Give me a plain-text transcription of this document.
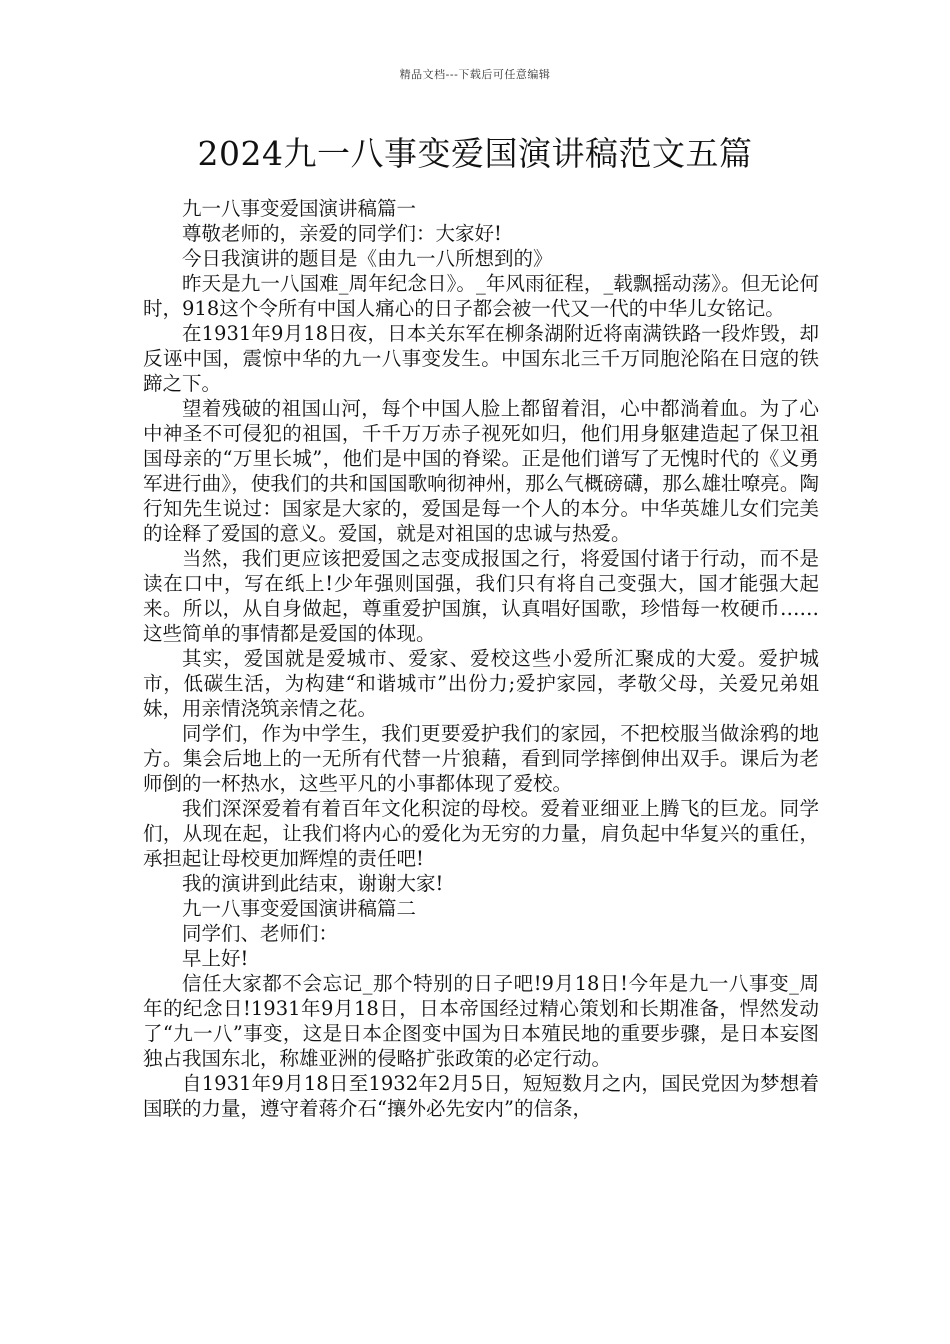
精品文档---下载后可任意编辑
2024九一八事变爱国演讲稿范文五篇

九一八事变爱国演讲稿篇一

尊敬老师的，亲爱的同学们：大家好!

今日我演讲的题目是《由九一八所想到的》

昨天是九一八国难_周年纪念日》。_年风雨征程，_载飘摇动荡》。但无论何时，918这个令所有中国人痛心的日子都会被一代又一代的中华儿女铭记。

在1931年9月18日夜，日本关东军在柳条湖附近将南满铁路一段炸毁，却反诬中国，震惊中华的九一八事变发生。中国东北三千万同胞沦陷在日寇的铁蹄之下。

望着残破的祖国山河，每个中国人脸上都留着泪，心中都淌着血。为了心中神圣不可侵犯的祖国，千千万万赤子视死如归，他们用身躯建造起了保卫祖国母亲的“万里长城”，他们是中国的脊梁。正是他们谱写了无愧时代的《义勇军进行曲》，使我们的共和国国歌响彻神州，那么气概磅礴，那么雄壮嘹亮。陶行知先生说过：国家是大家的，爱国是每一个人的本分。中华英雄儿女们完美的诠释了爱国的意义。爱国，就是对祖国的忠诚与热爱。

当然，我们更应该把爱国之志变成报国之行，将爱国付诸于行动，而不是读在口中，写在纸上!少年强则国强，我们只有将自己变强大，国才能强大起来。所以，从自身做起，尊重爱护国旗，认真唱好国歌，珍惜每一枚硬币……这些简单的事情都是爱国的体现。

其实，爱国就是爱城市、爱家、爱校这些小爱所汇聚成的大爱。爱护城市，低碳生活，为构建“和谐城市”出份力;爱护家园，孝敬父母，关爱兄弟姐妹，用亲情浇筑亲情之花。

同学们，作为中学生，我们更要爱护我们的家园，不把校服当做涂鸦的地方。集会后地上的一无所有代替一片狼藉，看到同学摔倒伸出双手。课后为老师倒的一杯热水，这些平凡的小事都体现了爱校。

我们深深爱着有着百年文化积淀的母校。爱着亚细亚上腾飞的巨龙。同学们，从现在起，让我们将内心的爱化为无穷的力量，肩负起中华复兴的重任，承担起让母校更加辉煌的责任吧!

我的演讲到此结束，谢谢大家!

九一八事变爱国演讲稿篇二

同学们、老师们：

早上好!

信任大家都不会忘记_那个特别的日子吧!9月18日!今年是九一八事变_周年的纪念日!1931年9月18日，日本帝国经过精心策划和长期准备，悍然发动了“九一八”事变，这是日本企图变中国为日本殖民地的重要步骤，是日本妄图独占我国东北，称雄亚洲的侵略扩张政策的必定行动。

自1931年9月18日至1932年2月5日，短短数月之内，国民党因为梦想着国联的力量，遵守着蒋介石“攘外必先安内”的信条，
